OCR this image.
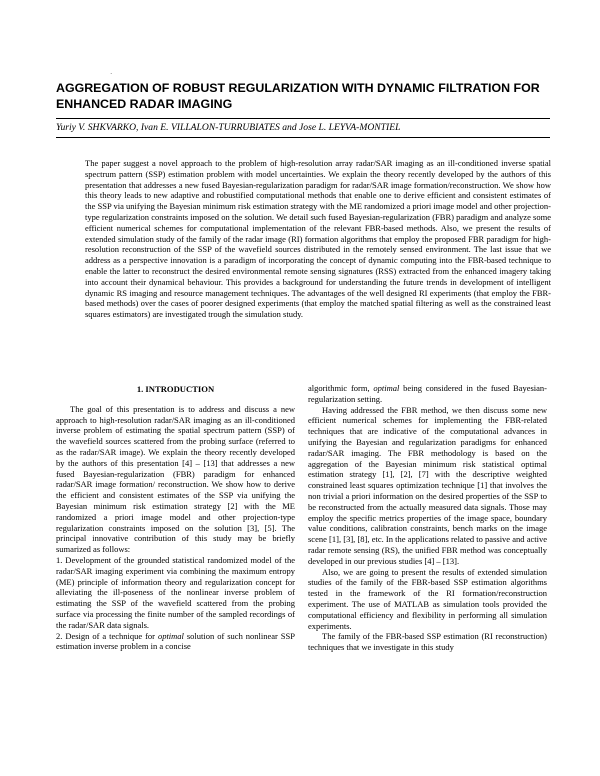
·
AGGREGATION OF ROBUST REGULARIZATION WITH DYNAMIC FILTRATION FOR ENHANCED RADAR IMAGING
Yuriy V. SHKVARKO, Ivan E. VILLALON-TURRUBIATES and Jose L. LEYVA-MONTIEL

The paper suggest a novel approach to the problem of high-resolution array radar/SAR imaging as an ill-conditioned inverse spatial spectrum pattern (SSP) estimation problem with model uncertainties. We explain the theory recently developed by the authors of this presentation that addresses a new fused Bayesian-regularization paradigm for radar/SAR image formation/reconstruction. We show how this theory leads to new adaptive and robustified computational methods that enable one to derive efficient and consistent estimates of the SSP via unifying the Bayesian minimum risk estimation strategy with the ME randomized a priori image model and other projection-type regularization constraints imposed on the solution. We detail such fused Bayesian-regularization (FBR) paradigm and analyze some efficient numerical schemes for computational implementation of the relevant FBR-based methods. Also, we present the results of extended simulation study of the family of the radar image (RI) formation algorithms that employ the proposed FBR paradigm for high-resolution reconstruction of the SSP of the wavefield sources distributed in the remotely sensed environment. The last issue that we address as a perspective innovation is a paradigm of incorporating the concept of dynamic computing into the FBR-based technique to enable the latter to reconstruct the desired environmental remote sensing signatures (RSS) extracted from the enhanced imagery taking into account their dynamical behaviour. This provides a background for understanding the future trends in development of intelligent dynamic RS imaging and resource management techniques. The advantages of the well designed RI experiments (that employ the FBR-based methods) over the cases of poorer designed experiments (that employ the matched spatial filtering as well as the constrained least squares estimators) are investigated trough the simulation study.

1. INTRODUCTION

The goal of this presentation is to address and discuss a new approach to high-resolution radar/SAR imaging as an ill-conditioned inverse problem of estimating the spatial spectrum pattern (SSP) of the wavefield sources scattered from the probing surface (referred to as the radar/SAR image). We explain the theory recently developed by the authors of this presentation [4] – [13] that addresses a new fused Bayesian-regularization (FBR) paradigm for enhanced radar/SAR image formation/ reconstruction. We show how to derive the efficient and consistent estimates of the SSP via unifying the Bayesian minimum risk estimation strategy [2] with the ME randomized a priori image model and other projection-type regularization constraints imposed on the solution [3], [5]. The principal innovative contribution of this study may be briefly sumarized as follows:

1. Development of the grounded statistical randomized model of the radar/SAR imaging experiment via combining the maximum entropy (ME) principle of information theory and regularization concept for alleviating the ill-poseness of the nonlinear inverse problem of estimating the SSP of the wavefield scattered from the probing surface via processing the finite number of the sampled recordings of the radar/SAR data signals.

2. Design of a technique for optimal solution of such nonlinear SSP estimation inverse problem in a concise

algorithmic form, optimal being considered in the fused Bayesian-regularization setting.

Having addressed the FBR method, we then discuss some new efficient numerical schemes for implementing the FBR-related techniques that are indicative of the computational advances in unifying the Bayesian and regularization paradigms for enhanced radar/SAR imaging. The FBR methodology is based on the aggregation of the Bayesian minimum risk statistical optimal estimation strategy [1], [2], [7] with the descriptive weighted constrained least squares optimization technique [1] that involves the non trivial a priori information on the desired properties of the SSP to be reconstructed from the actually measured data signals. Those may employ the specific metrics properties of the image space, boundary value conditions, calibration constraints, bench marks on the image scene [1], [3], [8], etc. In the applications related to passive and active radar remote sensing (RS), the unified FBR method was conceptually developed in our previous studies [4] – [13].

Also, we are going to present the results of extended simulation studies of the family of the FBR-based SSP estimation algorithms tested in the framework of the RI formation/reconstruction experiment. The use of MATLAB as simulation tools provided the computational efficiency and flexibility in performing all simulation experiments.

The family of the FBR-based SSP estimation (RI reconstruction) techniques that we investigate in this study
